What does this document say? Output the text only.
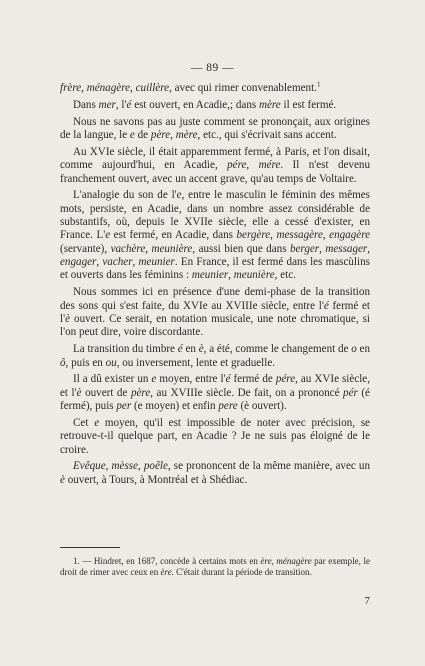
— 89 —

frère, ménagère, cuillère, avec qui rimer convenablement.$^1$

Dans mer, l'é est ouvert, en Acadie,; dans mère il est fermé.

Nous ne savons pas au juste comment se prononçait, aux origines de la langue, le e de père, mère, etc., qui s'écrivait sans accent.

Au XVIe siècle, il était apparemment fermé, à Paris, et l'on disait, comme aujourd'hui, en Acadie, pére, mére. Il n'est devenu franchement ouvert, avec un accent grave, qu'au temps de Voltaire.

L'analogie du son de l'e, entre le masculin le féminin des mêmes mots, persiste, en Acadie, dans un nombre assez considérable de substantifs, où, depuis le XVIIe siècle, elle a cessé d'exister, en France. L'e est fermé, en Acadie, dans bergère, messagère, engagère (servante), vachère, meunière, aussi bien que dans berger, messager, engager, vacher, meunier. En France, il est fermé dans les mascùlins et ouverts dans les féminins : meunier, meunière, etc.

Nous sommes ici en présence d'une demi-phase de la transition des sons qui s'est faite, du XVIe au XVIIIe siècle, entre l'é fermé et l'è ouvert. Ce serait, en notation musicale, une note chromatique, si l'on peut dire, voire discordante.

La transition du timbre é en è, a été, comme le changement de o en ô, puis en ou, ou inversement, lente et graduelle.

Il a dû exister un e moyen, entre l'é fermé de pére, au XVIe siècle, et l'è ouvert de père, au XVIIIe siècle. De fait, on a prononcé pér (é fermé), puis per (e moyen) et enfin pere (è ouvert).

Cet e moyen, qu'il est impossible de noter avec précision, se retrouve-t-il quelque part, en Acadie ? Je ne suis pas éloigné de le croire.

Evêque, mèsse, poêle, se prononcent de la même manière, avec un è ouvert, à Tours, à Montréal et à Shédiac.

1. — Hindret, en 1687, concède à certains mots en ère, ménagère par exemple, le droit de rimer avec ceux en ère. C'était durant la période de transition.
7
